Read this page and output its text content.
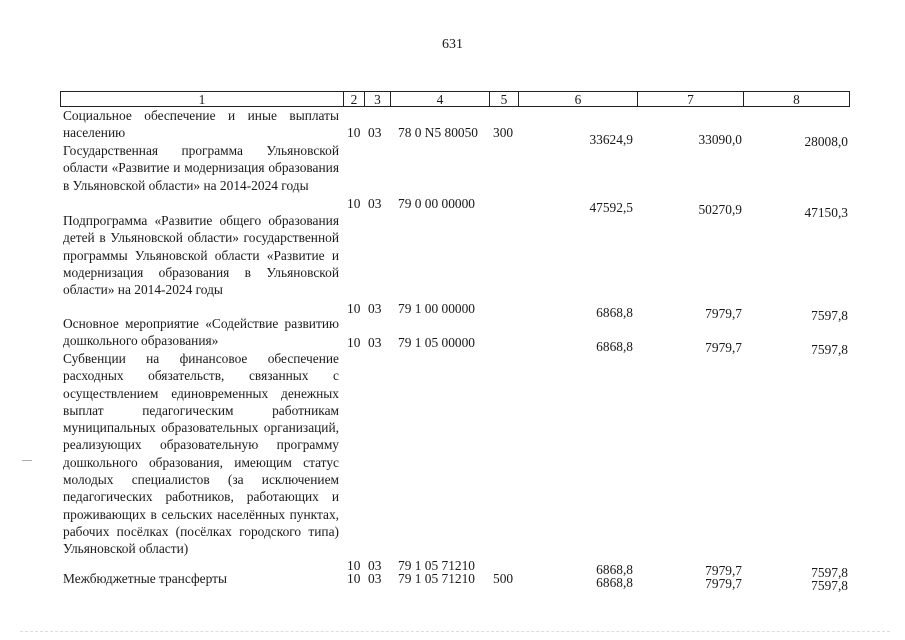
631
1	2	3	4	5	6	7	8
Социальное обеспечение и иные выплаты населению	10 03 78 0 N5 80050 300	33624,9	33090,0	28008,0
Государственная программа Ульяновской области «Развитие и модернизация образования в Ульяновской области» на 2014-2024 годы
10 03 79 0 00 00000	47592,5	50270,9	47150,3
Подпрограмма «Развитие общего образования детей в Ульяновской области» государственной программы Ульяновской области «Развитие и модернизация образования в Ульяновской области» на 2014-2024 годы
10 03 79 1 00 00000	6868,8	7979,7	7597,8
Основное мероприятие «Содействие развитию дошкольного образования»	10 03 79 1 05 00000	6868,8	7979,7	7597,8
Субвенции на финансовое обеспечение расходных обязательств, связанных с осуществлением единовременных денежных выплат педагогическим работникам муниципальных образовательных организаций, реализующих образовательную программу дошкольного образования, имеющим статус молодых специалистов (за исключением педагогических работников, работающих и проживающих в сельских населённых пунктах, рабочих посёлках (посёлках городского типа) Ульяновской области)
10 03 79 1 05 71210	6868,8	7979,7	7597,8
Межбюджетные трансферты	10 03 79 1 05 71210 500	6868,8	7979,7	7597,8
